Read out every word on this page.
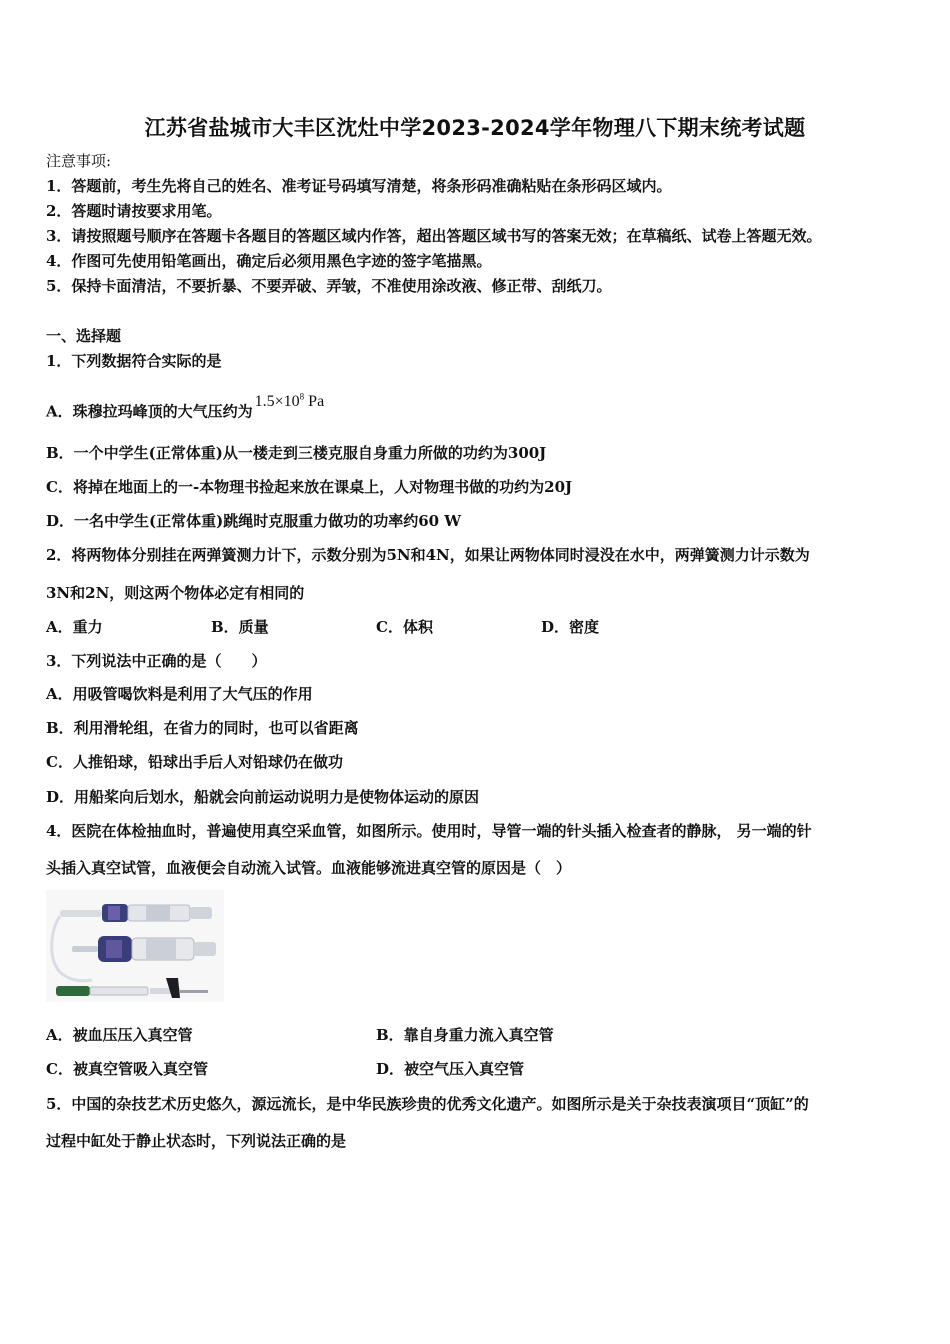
江苏省盐城市大丰区沈灶中学2023-2024学年物理八下期末统考试题
注意事项:
1．答题前，考生先将自己的姓名、准考证号码填写清楚，将条形码准确粘贴在条形码区域内。
2．答题时请按要求用笔。
3．请按照题号顺序在答题卡各题目的答题区域内作答，超出答题区域书写的答案无效；在草稿纸、试卷上答题无效。
4．作图可先使用铅笔画出，确定后必须用黑色字迹的签字笔描黑。
5．保持卡面清洁，不要折暴、不要弄破、弄皱，不准使用涂改液、修正带、刮纸刀。
一、选择题
1．下列数据符合实际的是
A．珠穆拉玛峰顶的大气压约为$1.5\times 10^8$ Pa
B．一个中学生(正常体重)从一楼走到三楼克服自身重力所做的功约为300J
C．将掉在地面上的一-本物理书捡起来放在课桌上，人对物理书做的功约为20J
D．一名中学生(正常体重)跳绳时克服重力做功的功率约60 W
2．将两物体分别挂在两弹簧测力计下，示数分别为5N和4N，如果让两物体同时浸没在水中，两弹簧测力计示数为
3N和2N，则这两个物体必定有相同的
A．重力	B．质量	C．体积	D．密度
3．下列说法中正确的是（　　）
A．用吸管喝饮料是利用了大气压的作用
B．利用滑轮组，在省力的同时，也可以省距离
C．人推铅球，铅球出手后人对铅球仍在做功
D．用船桨向后划水，船就会向前运动说明力是使物体运动的原因
4．医院在体检抽血时，普遍使用真空采血管，如图所示。使用时，导管一端的针头插入检查者的静脉， 另一端的针
头插入真空试管，血液便会自动流入试管。血液能够流进真空管的原因是（　）
A．被血压压入真空管	B．靠自身重力流入真空管
C．被真空管吸入真空管	D．被空气压入真空管
5．中国的杂技艺术历史悠久，源远流长，是中华民族珍贵的优秀文化遗产。如图所示是关于杂技表演项目“顶缸”的
过程中缸处于静止状态时，下列说法正确的是
